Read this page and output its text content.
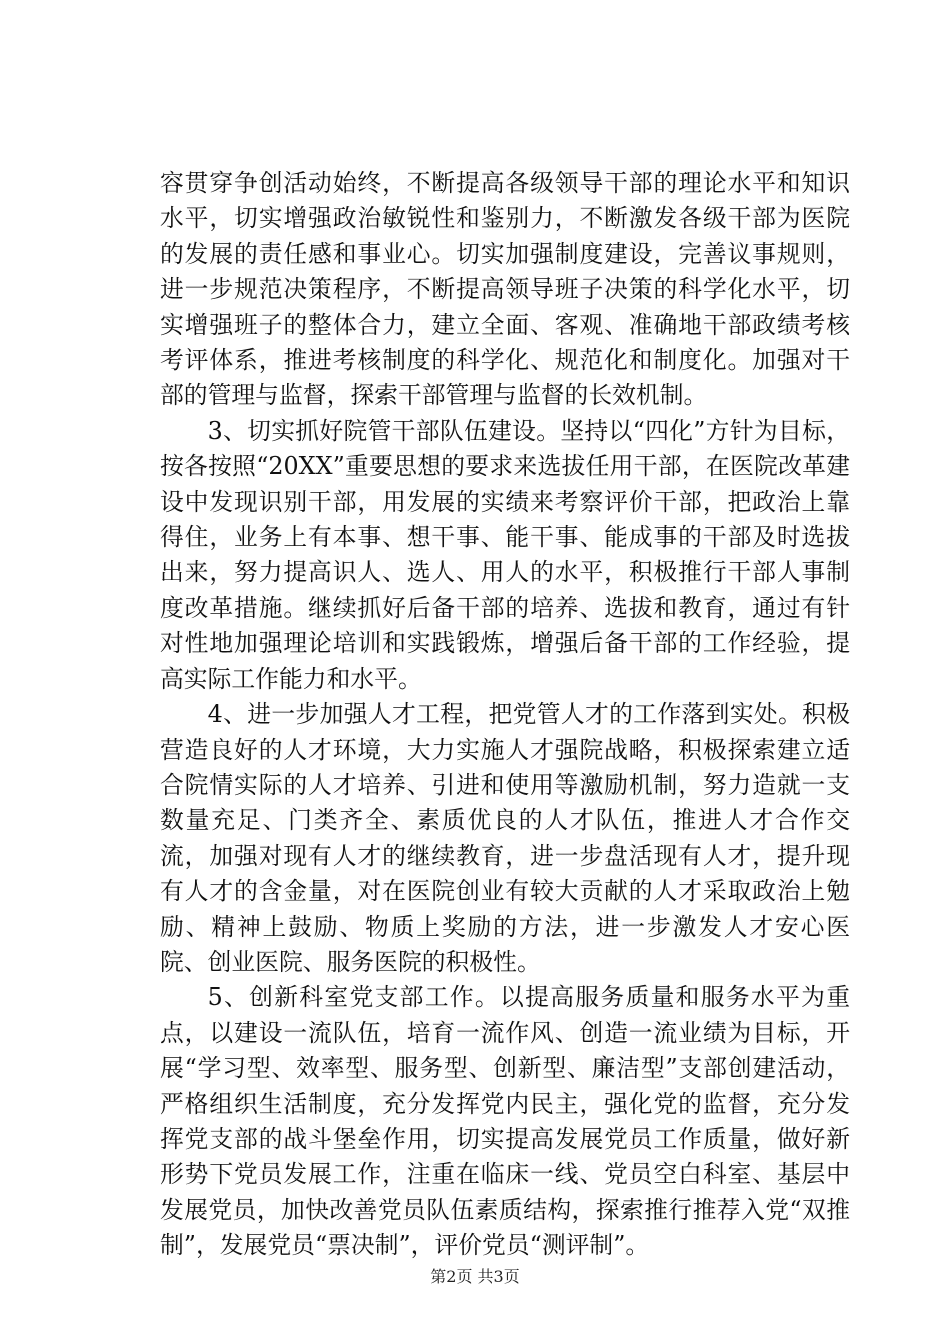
容贯穿争创活动始终，不断提高各级领导干部的理论水平和知识水平，切实增强政治敏锐性和鉴别力，不断激发各级干部为医院的发展的责任感和事业心。切实加强制度建设，完善议事规则，进一步规范决策程序，不断提高领导班子决策的科学化水平，切实增强班子的整体合力，建立全面、客观、准确地干部政绩考核考评体系，推进考核制度的科学化、规范化和制度化。加强对干部的管理与监督，探索干部管理与监督的长效机制。

3、切实抓好院管干部队伍建设。坚持以“四化”方针为目标，按各按照“20XX”重要思想的要求来选拔任用干部，在医院改革建设中发现识别干部，用发展的实绩来考察评价干部，把政治上靠得住，业务上有本事、想干事、能干事、能成事的干部及时选拔出来，努力提高识人、选人、用人的水平，积极推行干部人事制度改革措施。继续抓好后备干部的培养、选拔和教育，通过有针对性地加强理论培训和实践锻炼，增强后备干部的工作经验，提高实际工作能力和水平。

4、进一步加强人才工程，把党管人才的工作落到实处。积极营造良好的人才环境，大力实施人才强院战略，积极探索建立适合院情实际的人才培养、引进和使用等激励机制，努力造就一支数量充足、门类齐全、素质优良的人才队伍，推进人才合作交流，加强对现有人才的继续教育，进一步盘活现有人才，提升现有人才的含金量，对在医院创业有较大贡献的人才采取政治上勉励、精神上鼓励、物质上奖励的方法，进一步激发人才安心医院、创业医院、服务医院的积极性。

5、创新科室党支部工作。以提高服务质量和服务水平为重点，以建设一流队伍，培育一流作风、创造一流业绩为目标，开展“学习型、效率型、服务型、创新型、廉洁型”支部创建活动，严格组织生活制度，充分发挥党内民主，强化党的监督，充分发挥党支部的战斗堡垒作用，切实提高发展党员工作质量，做好新形势下党员发展工作，注重在临床一线、党员空白科室、基层中发展党员，加快改善党员队伍素质结构，探索推行推荐入党“双推制”，发展党员“票决制”，评价党员“测评制”。

第2页 共3页
